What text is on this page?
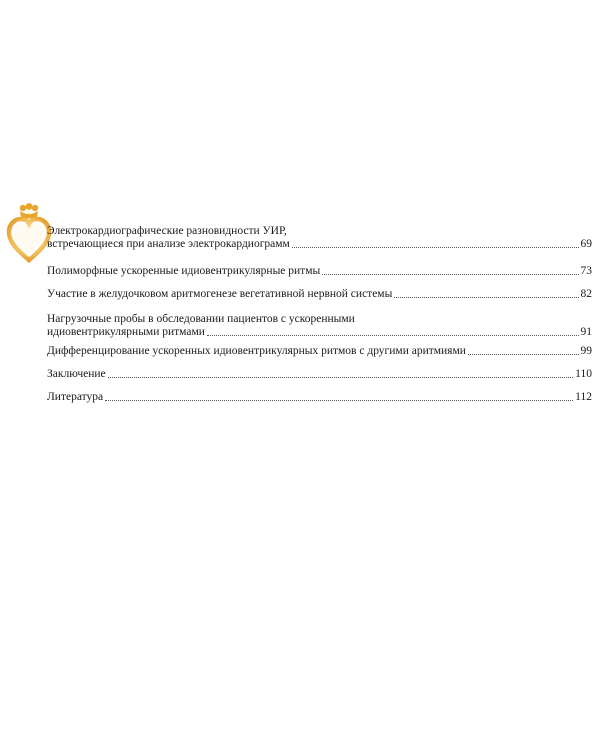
Электрокардиографические разновидности УИР,
встречающиеся при анализе электрокардиограмм	69
Полиморфные ускоренные идиовентрикулярные ритмы	73
Участие в желудочковом аритмогенезе вегетативной нервной системы	82
Нагрузочные пробы в обследовании пациентов с ускоренными
идиовентрикулярными ритмами	91
Дифференцирование ускоренных идиовентрикулярных ритмов с другими аритмиями	99
Заключение	110
Литература	112
